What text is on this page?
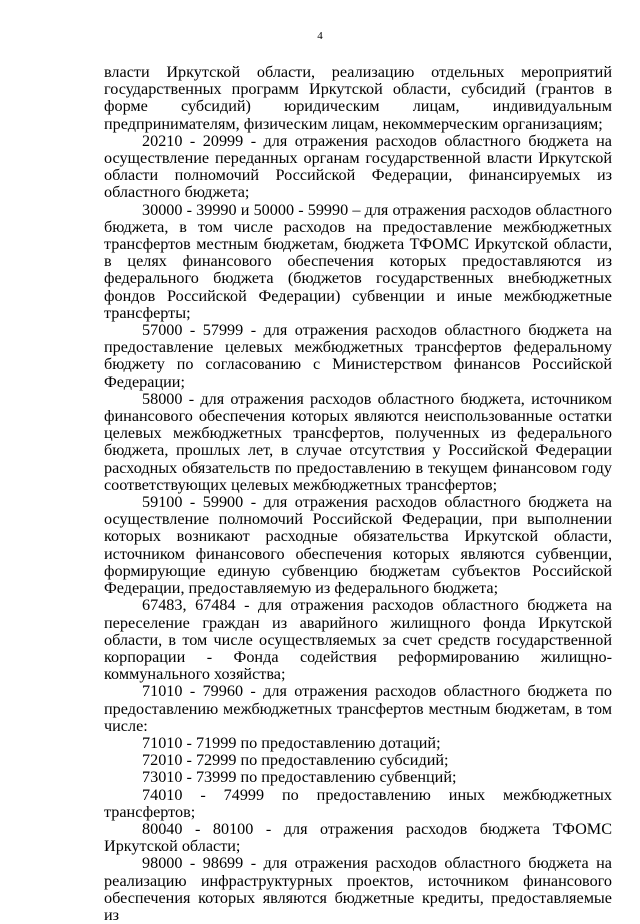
4

власти Иркутской области, реализацию отдельных мероприятий государственных программ Иркутской области, субсидий (грантов в форме субсидий) юридическим лицам, индивидуальным предпринимателям, физическим лицам, некоммерческим организациям;

20210 - 20999 - для отражения расходов областного бюджета на осуществление переданных органам государственной власти Иркутской области полномочий Российской Федерации, финансируемых из областного бюджета;

30000 - 39990 и 50000 - 59990 – для отражения расходов областного бюджета, в том числе расходов на предоставление межбюджетных трансфертов местным бюджетам, бюджета ТФОМС Иркутской области, в целях финансового обеспечения которых предоставляются из федерального бюджета (бюджетов государственных внебюджетных фондов Российской Федерации) субвенции и иные межбюджетные трансферты;

57000 - 57999 - для отражения расходов областного бюджета на предоставление целевых межбюджетных трансфертов федеральному бюджету по согласованию с Министерством финансов Российской Федерации;

58000 - для отражения расходов областного бюджета, источником финансового обеспечения которых являются неиспользованные остатки целевых межбюджетных трансфертов, полученных из федерального бюджета, прошлых лет, в случае отсутствия у Российской Федерации расходных обязательств по предоставлению в текущем финансовом году соответствующих целевых межбюджетных трансфертов;

59100 - 59900 - для отражения расходов областного бюджета на осуществление полномочий Российской Федерации, при выполнении которых возникают расходные обязательства Иркутской области, источником финансового обеспечения которых являются субвенции, формирующие единую субвенцию бюджетам субъектов Российской Федерации, предоставляемую из федерального бюджета;

67483, 67484 - для отражения расходов областного бюджета на переселение граждан из аварийного жилищного фонда Иркутской области, в том числе осуществляемых за счет средств государственной корпорации - Фонда содействия реформированию жилищно-коммунального хозяйства;

71010 - 79960 - для отражения расходов областного бюджета по предоставлению межбюджетных трансфертов местным бюджетам, в том числе:

71010 - 71999 по предоставлению дотаций;

72010 - 72999 по предоставлению субсидий;

73010 - 73999 по предоставлению субвенций;

74010 - 74999 по предоставлению иных межбюджетных трансфертов;

80040 - 80100 - для отражения расходов бюджета ТФОМС Иркутской области;

98000 - 98699 - для отражения расходов областного бюджета на реализацию инфраструктурных проектов, источником финансового обеспечения которых являются бюджетные кредиты, предоставляемые из
